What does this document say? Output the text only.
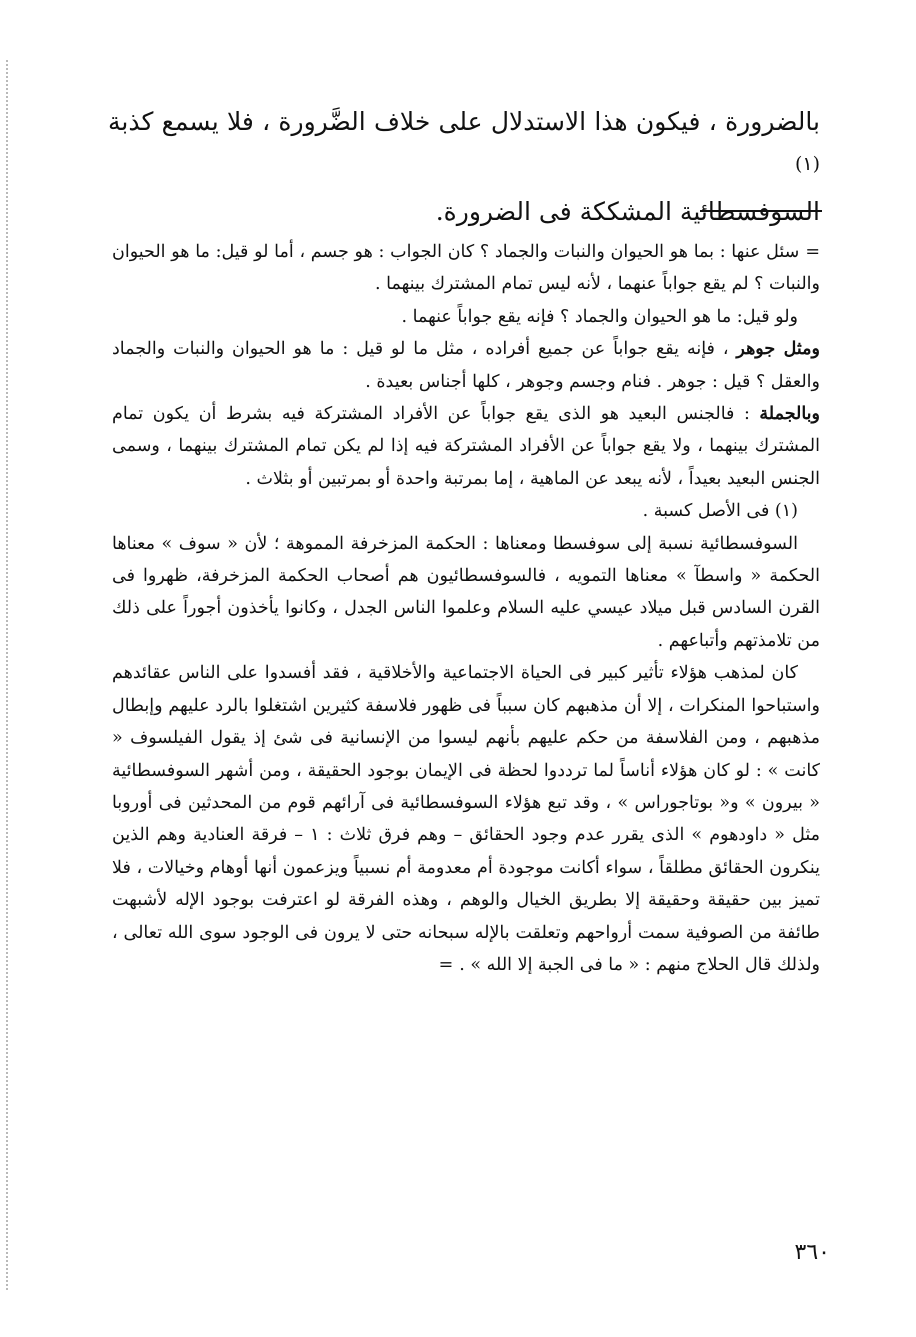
بالضرورة ، فيكون هذا الاستدلال على خلاف الضَّرورة ، فلا يسمع كذبة $^{(١)}$
السوفسطائية المشككة فى الضرورة.

=سئل عنها : بما هو الحيوان والنبات والجماد ؟ كان الجواب : هو جسم ، أما لو قيل: ما هو الحيوان والنبات ؟ لم يقع جواباً عنهما ، لأنه ليس تمام المشترك بينهما .

ولو قيل: ما هو الحيوان والجماد ؟ فإنه يقع جواباً عنهما .

ومثل جوهر ، فإنه يقع جواباً عن جميع أفراده ، مثل ما لو قيل : ما هو الحيوان والنبات والجماد والعقل ؟ قيل : جوهر . فنام وجسم وجوهر ، كلها أجناس بعيدة .

وبالجملة : فالجنس البعيد هو الذى يقع جواباً عن الأفراد المشتركة فيه بشرط أن يكون تمام المشترك بينهما ، ولا يقع جواباً عن الأفراد المشتركة فيه إذا لم يكن تمام المشترك بينهما ، وسمى الجنس البعيد بعيداً ، لأنه يبعد عن الماهية ، إما بمرتبة واحدة أو بمرتبين أو بثلاث .

(١) فى الأصل كسبة .

السوفسطائية نسبة إلى سوفسطا ومعناها : الحكمة المزخرفة المموهة ؛ لأن « سوف » معناها الحكمة « واسطآ » معناها التمويه ، فالسوفسطائيون هم أصحاب الحكمة المزخرفة، ظهروا فى القرن السادس قبل ميلاد عيسي عليه السلام وعلموا الناس الجدل ، وكانوا يأخذون أجوراً على ذلك من تلامذتهم وأتباعهم .

كان لمذهب هؤلاء تأثير كبير فى الحياة الاجتماعية والأخلاقية ، فقد أفسدوا على الناس عقائدهم واستباحوا المنكرات ، إلا أن مذهبهم كان سبباً فى ظهور فلاسفة كثيرين اشتغلوا بالرد عليهم وإبطال مذهبهم ، ومن الفلاسفة من حكم عليهم بأنهم ليسوا من الإنسانية فى شئ إذ يقول الفيلسوف « كانت » : لو كان هؤلاء أناساً لما ترددوا لحظة فى الإيمان بوجود الحقيقة ، ومن أشهر السوفسطائية « بيرون » و« بوتاجوراس » ، وقد تبع هؤلاء السوفسطائية فى آرائهم قوم من المحدثين فى أوروبا مثل « داودهوم » الذى يقرر عدم وجود الحقائق – وهم فرق ثلاث : ١ – فرقة العنادية وهم الذين ينكرون الحقائق مطلقاً ، سواء أكانت موجودة أم معدومة أم نسبياً ويزعمون أنها أوهام وخيالات ، فلا تميز بين حقيقة وحقيقة إلا بطريق الخيال والوهم ، وهذه الفرقة لو اعترفت بوجود الإله لأشبهت طائفة من الصوفية سمت أرواحهم وتعلقت بالإله سبحانه حتى لا يرون فى الوجود سوى الله تعالى ، ولذلك قال الحلاج منهم : « ما فى الجبة إلا الله » .=

٣٦٠
